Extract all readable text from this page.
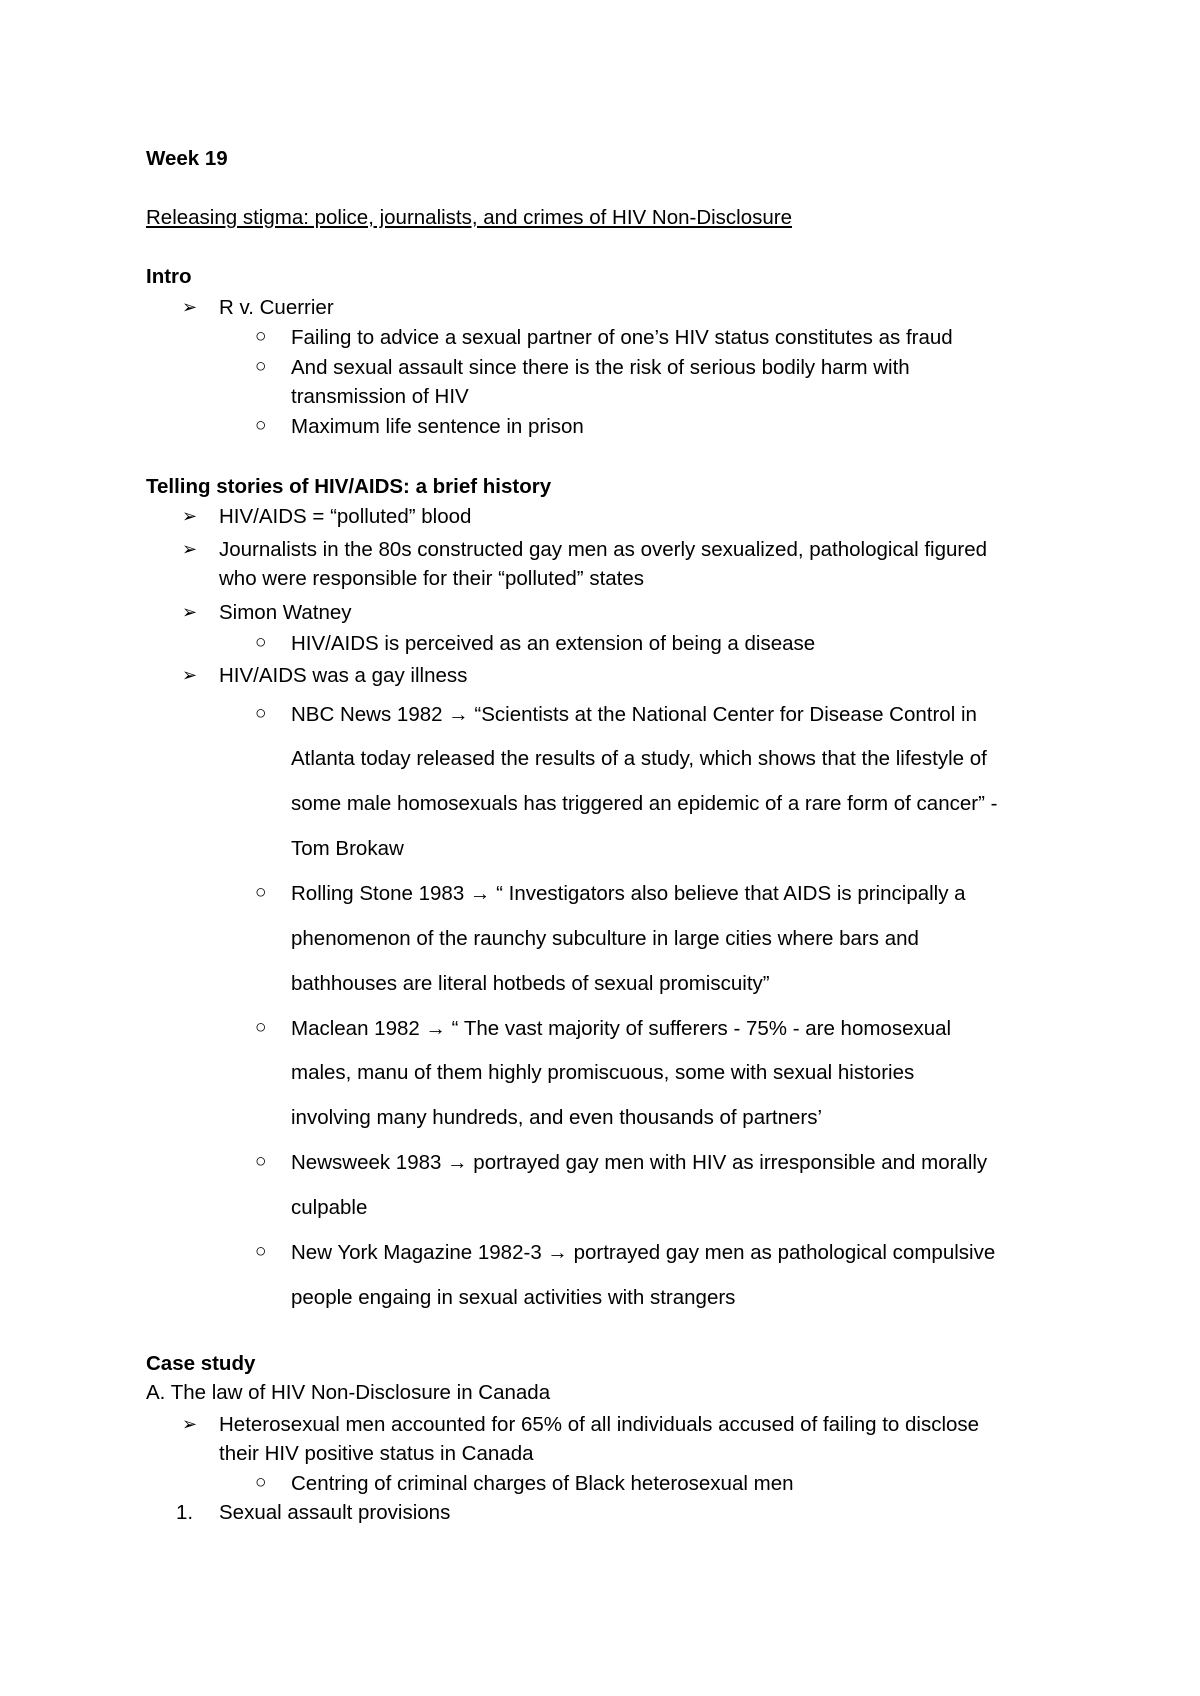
Week 19
Releasing stigma: police, journalists, and crimes of HIV Non-Disclosure
Intro
➢ R v. Cuerrier
○ Failing to advice a sexual partner of one’s HIV status constitutes as fraud
○ And sexual assault since there is the risk of serious bodily harm with
transmission of HIV
○ Maximum life sentence in prison
Telling stories of HIV/AIDS: a brief history
➢ HIV/AIDS = “polluted” blood
➢ Journalists in the 80s constructed gay men as overly sexualized, pathological figured
who were responsible for their “polluted” states
➢ Simon Watney
○ HIV/AIDS is perceived as an extension of being a disease
➢ HIV/AIDS was a gay illness
○ NBC News 1982 → “Scientists at the National Center for Disease Control in
Atlanta today released the results of a study, which shows that the lifestyle of
some male homosexuals has triggered an epidemic of a rare form of cancer” -
Tom Brokaw
○ Rolling Stone 1983 → “ Investigators also believe that AIDS is principally a
phenomenon of the raunchy subculture in large cities where bars and
bathhouses are literal hotbeds of sexual promiscuity”
○ Maclean 1982 → “ The vast majority of sufferers - 75% - are homosexual
males, manu of them highly promiscuous, some with sexual histories
involving many hundreds, and even thousands of partners’
○ Newsweek 1983 → portrayed gay men with HIV as irresponsible and morally
culpable
○ New York Magazine 1982-3 → portrayed gay men as pathological compulsive
people engaing in sexual activities with strangers
Case study
A. The law of HIV Non-Disclosure in Canada
➢ Heterosexual men accounted for 65% of all individuals accused of failing to disclose
their HIV positive status in Canada
○ Centring of criminal charges of Black heterosexual men
1. Sexual assault provisions
